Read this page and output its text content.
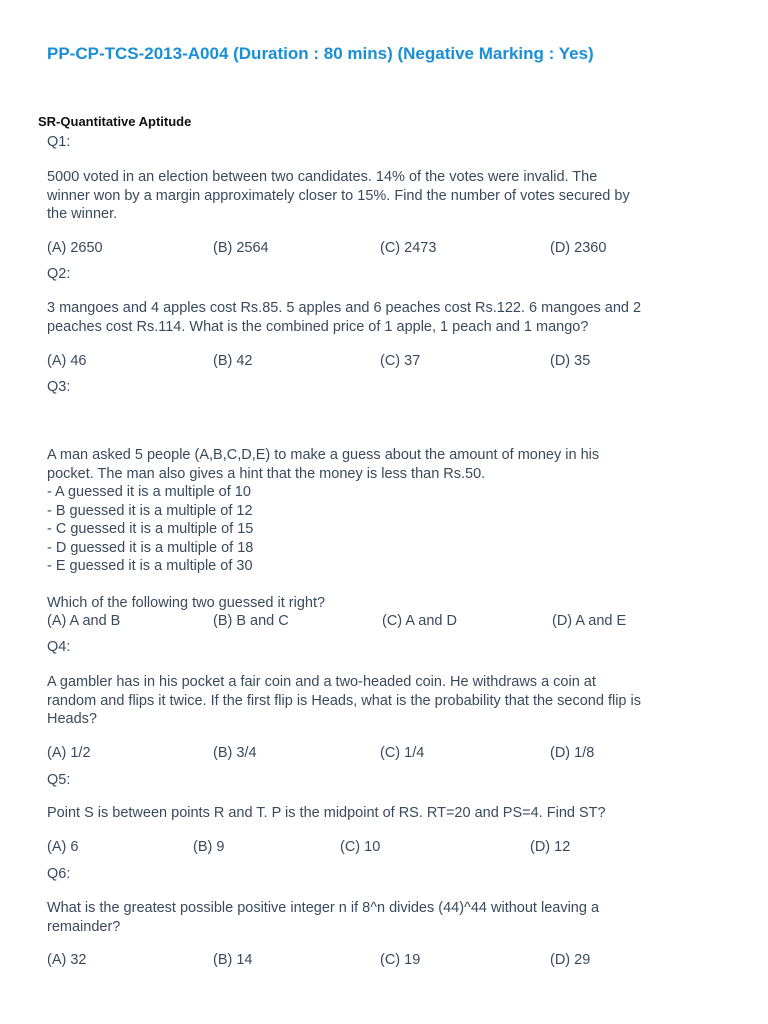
PP-CP-TCS-2013-A004 (Duration : 80 mins) (Negative Marking : Yes)
SR-Quantitative Aptitude
Q1:
5000 voted in an election between two candidates. 14% of the votes were invalid. The
winner won by a margin approximately closer to 15%. Find the number of votes secured by
the winner.
(A) 2650	(B) 2564	(C) 2473	(D) 2360
Q2:
3 mangoes and 4 apples cost Rs.85. 5 apples and 6 peaches cost Rs.122. 6 mangoes and 2
peaches cost Rs.114. What is the combined price of 1 apple, 1 peach and 1 mango?
(A) 46	(B) 42	(C) 37	(D) 35
Q3:
A man asked 5 people (A,B,C,D,E) to make a guess about the amount of money in his
pocket. The man also gives a hint that the money is less than Rs.50.
- A guessed it is a multiple of 10
- B guessed it is a multiple of 12
- C guessed it is a multiple of 15
- D guessed it is a multiple of 18
- E guessed it is a multiple of 30
Which of the following two guessed it right?
(A) A and B	(B) B and C	(C) A and D	(D) A and E
Q4:
A gambler has in his pocket a fair coin and a two-headed coin. He withdraws a coin at
random and flips it twice. If the first flip is Heads, what is the probability that the second flip is
Heads?
(A) 1/2	(B) 3/4	(C) 1/4	(D) 1/8
Q5:
Point S is between points R and T. P is the midpoint of RS. RT=20 and PS=4. Find ST?
(A) 6	(B) 9	(C) 10	(D) 12
Q6:
What is the greatest possible positive integer n if 8^n divides (44)^44 without leaving a
remainder?
(A) 32	(B) 14	(C) 19	(D) 29
